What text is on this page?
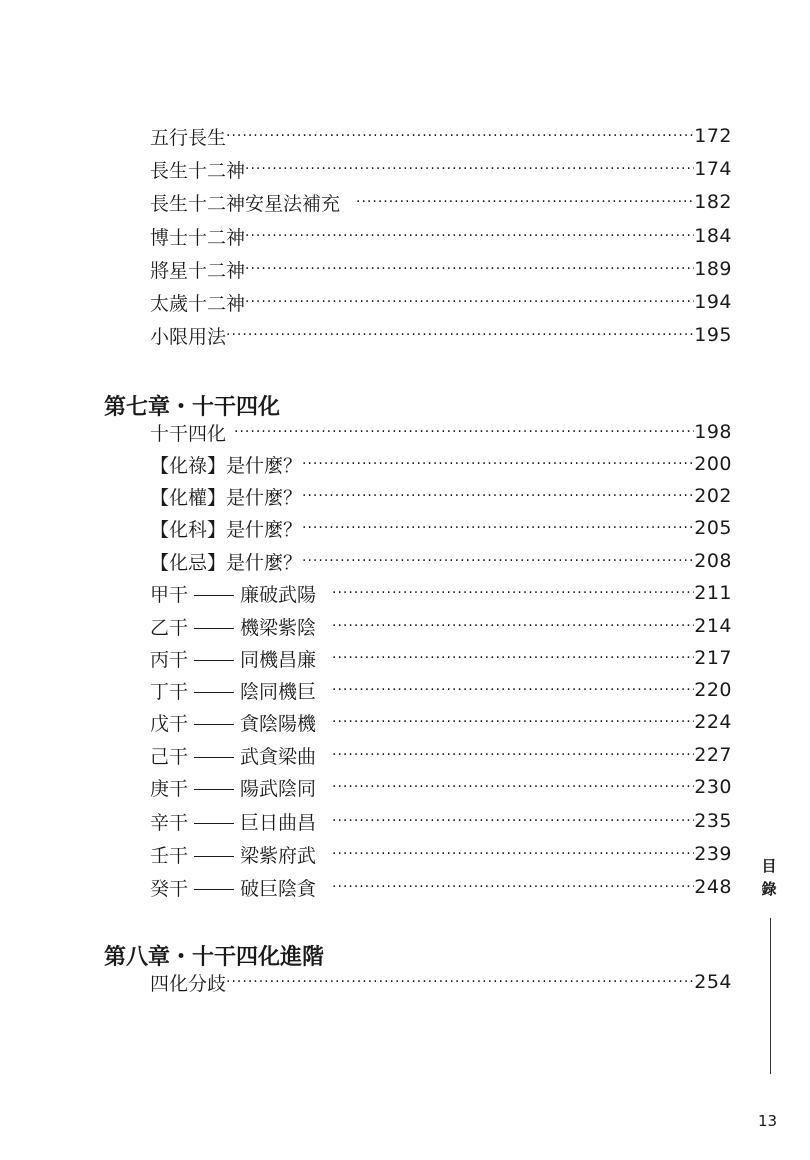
五行長生 ·····	172
長生十二神 ·····	174
長生十二神安星法補充 ·····	182
博士十二神 ·····	184
將星十二神 ·····	189
太歲十二神 ·····	194
小限用法 ·····	195
第七章・十干四化
十干四化 ·····	198
【化祿】是什麼？ ·····	200
【化權】是什麼？ ·····	202
【化科】是什麼？ ·····	205
【化忌】是什麼？ ·····	208
甲干	廉破武陽 ·····	211
乙干	機梁紫陰 ·····	214
丙干	同機昌廉 ·····	217
丁干	陰同機巨 ·····	220
戊干	貪陰陽機 ·····	224
己干	武貪梁曲 ·····	227
庚干	陽武陰同 ·····	230
辛干	巨日曲昌 ·····	235
壬干	梁紫府武 ·····	239
癸干	破巨陰貪 ·····	248
第八章・十干四化進階
四化分歧 ·····	254
目
錄
13
